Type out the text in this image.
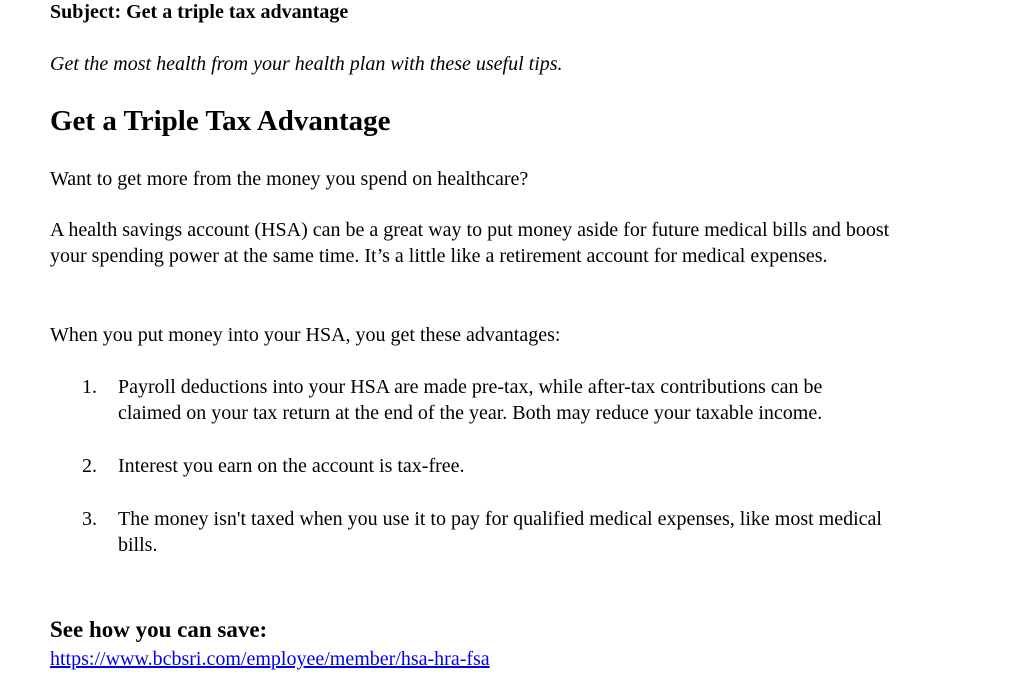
Subject: Get a triple tax advantage

Get the most health from your health plan with these useful tips.

Get a Triple Tax Advantage

Want to get more from the money you spend on healthcare?

A health savings account (HSA) can be a great way to put money aside for future medical bills and boost your spending power at the same time. It’s a little like a retirement account for medical expenses.

When you put money into your HSA, you get these advantages:

1. Payroll deductions into your HSA are made pre-tax, while after-tax contributions can be claimed on your tax return at the end of the year. Both may reduce your taxable income.
2. Interest you earn on the account is tax-free.
3. The money isn't taxed when you use it to pay for qualified medical expenses, like most medical bills.
See how you can save:
https://www.bcbsri.com/employee/member/hsa-hra-fsa
